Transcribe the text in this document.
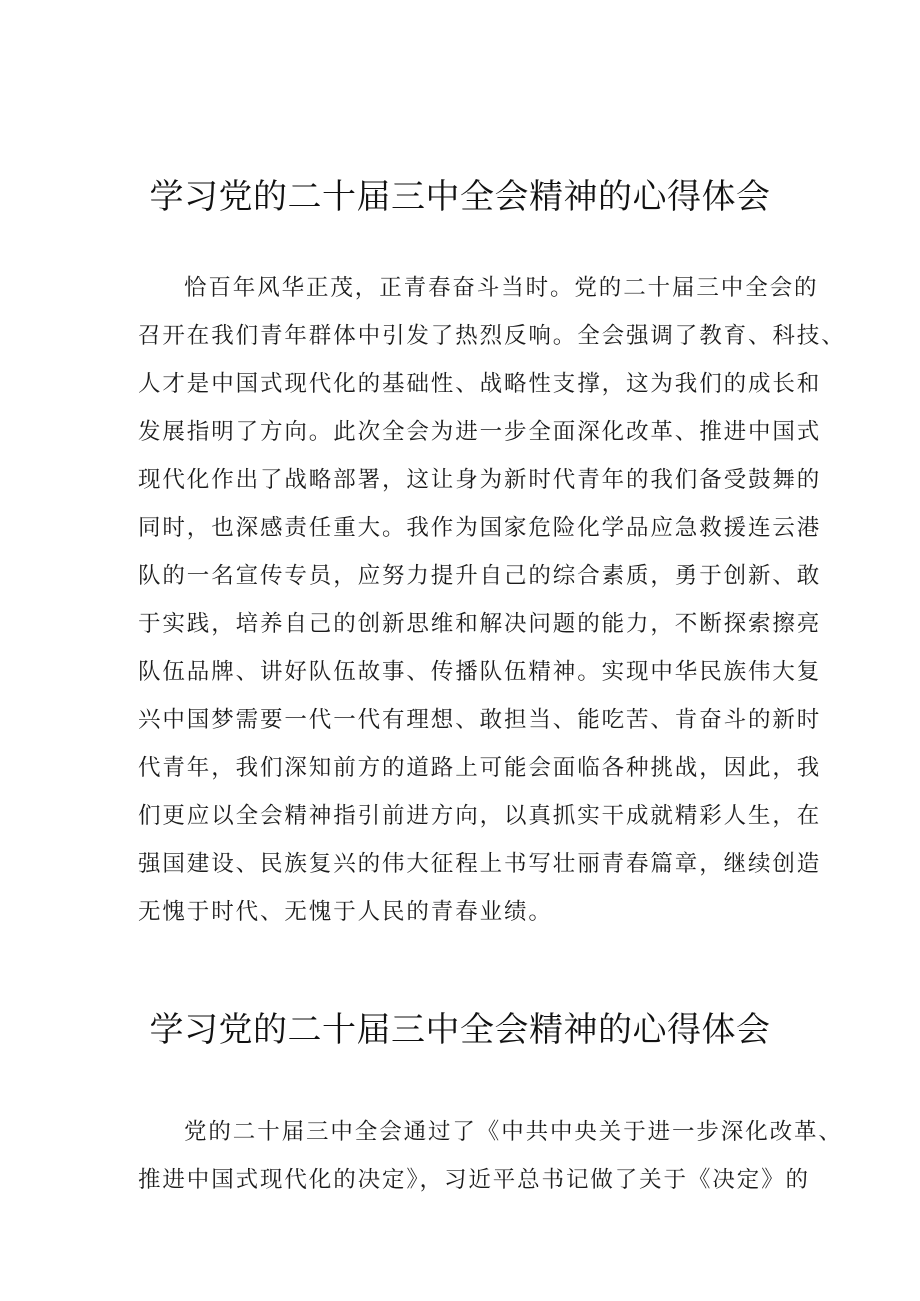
学习党的二十届三中全会精神的心得体会
恰百年风华正茂，正青春奋斗当时。党的二十届三中全会的
召开在我们青年群体中引发了热烈反响。全会强调了教育、科技、
人才是中国式现代化的基础性、战略性支撑，这为我们的成长和
发展指明了方向。此次全会为进一步全面深化改革、推进中国式
现代化作出了战略部署，这让身为新时代青年的我们备受鼓舞的
同时，也深感责任重大。我作为国家危险化学品应急救援连云港
队的一名宣传专员，应努力提升自己的综合素质，勇于创新、敢
于实践，培养自己的创新思维和解决问题的能力，不断探索擦亮
队伍品牌、讲好队伍故事、传播队伍精神。实现中华民族伟大复
兴中国梦需要一代一代有理想、敢担当、能吃苦、肯奋斗的新时
代青年，我们深知前方的道路上可能会面临各种挑战，因此，我
们更应以全会精神指引前进方向，以真抓实干成就精彩人生，在
强国建设、民族复兴的伟大征程上书写壮丽青春篇章，继续创造
无愧于时代、无愧于人民的青春业绩。
学习党的二十届三中全会精神的心得体会
党的二十届三中全会通过了《中共中央关于进一步深化改革、
推进中国式现代化的决定》，习近平总书记做了关于《决定》的
